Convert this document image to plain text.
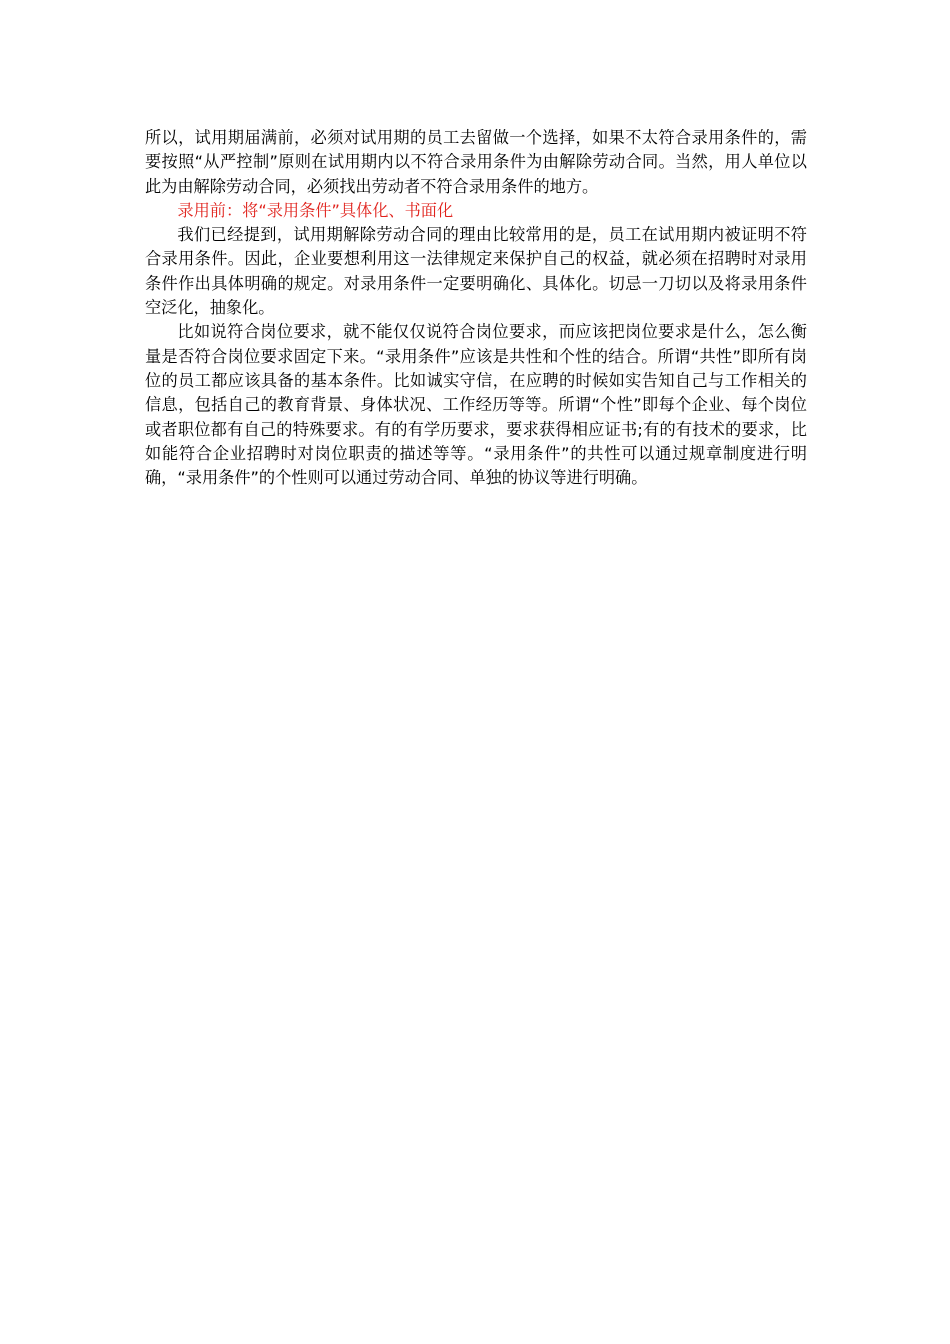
所以，试用期届满前，必须对试用期的员工去留做一个选择，如果不太符合录用条件的，需要按照“从严控制”原则在试用期内以不符合录用条件为由解除劳动合同。当然，用人单位以此为由解除劳动合同，必须找出劳动者不符合录用条件的地方。

录用前：将“录用条件”具体化、书面化

我们已经提到，试用期解除劳动合同的理由比较常用的是，员工在试用期内被证明不符合录用条件。因此，企业要想利用这一法律规定来保护自己的权益，就必须在招聘时对录用条件作出具体明确的规定。对录用条件一定要明确化、具体化。切忌一刀切以及将录用条件空泛化，抽象化。

比如说符合岗位要求，就不能仅仅说符合岗位要求，而应该把岗位要求是什么，怎么衡量是否符合岗位要求固定下来。“录用条件”应该是共性和个性的结合。所谓“共性”即所有岗位的员工都应该具备的基本条件。比如诚实守信，在应聘的时候如实告知自己与工作相关的信息，包括自己的教育背景、身体状况、工作经历等等。所谓“个性”即每个企业、每个岗位或者职位都有自己的特殊要求。有的有学历要求，要求获得相应证书;有的有技术的要求，比如能符合企业招聘时对岗位职责的描述等等。“录用条件”的共性可以通过规章制度进行明确，“录用条件”的个性则可以通过劳动合同、单独的协议等进行明确。
